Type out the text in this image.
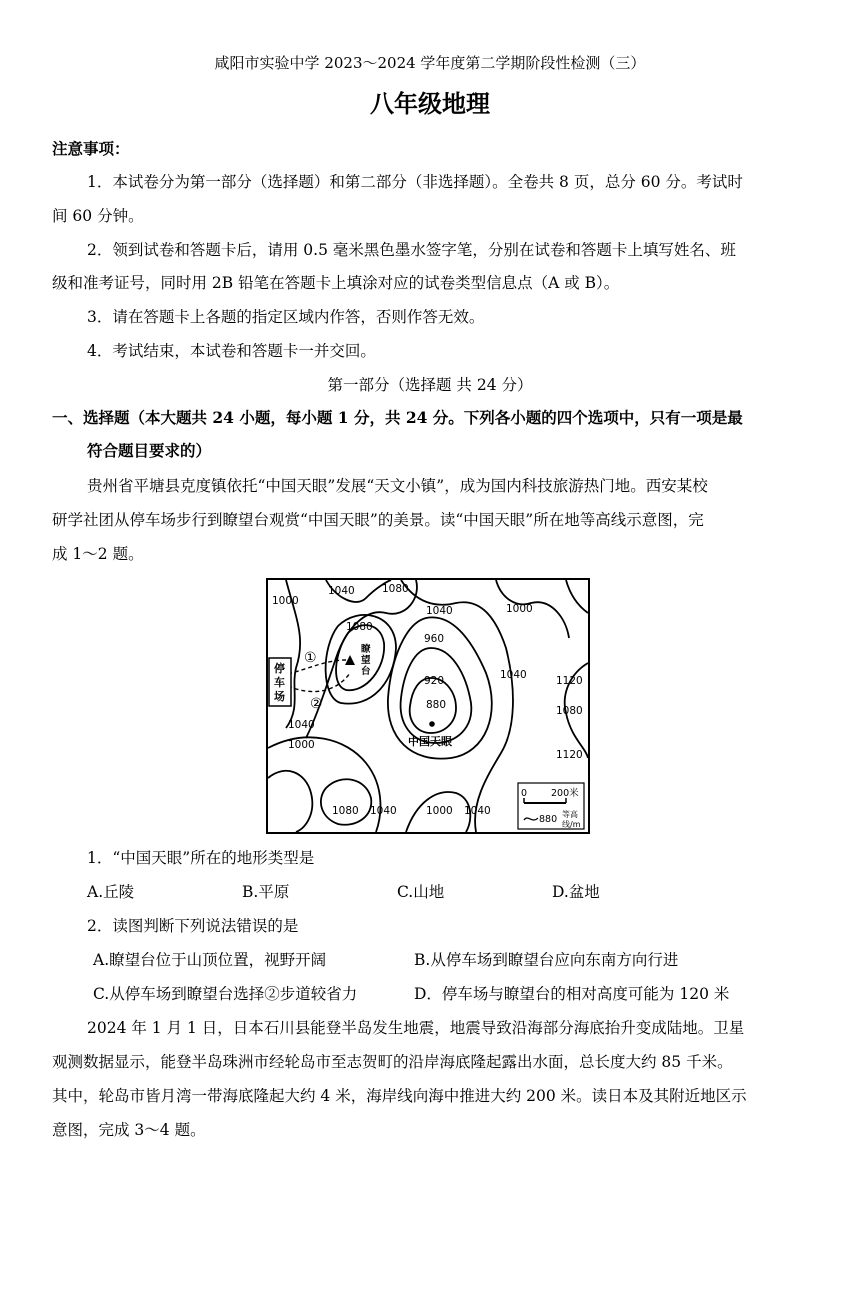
咸阳市实验中学 2023～2024 学年度第二学期阶段性检测（三）
八年级地理
注意事项：
1．本试卷分为第一部分（选择题）和第二部分（非选择题）。全卷共 8 页，总分 60 分。考试时
间 60 分钟。
2．领到试卷和答题卡后，请用 0.5 毫米黑色墨水签字笔，分别在试卷和答题卡上填写姓名、班
级和准考证号，同时用 2B 铅笔在答题卡上填涂对应的试卷类型信息点（A 或 B）。
3．请在答题卡上各题的指定区域内作答，否则作答无效。
4．考试结束，本试卷和答题卡一并交回。
第一部分（选择题 共 24 分）
一、选择题（本大题共 24 小题，每小题 1 分，共 24 分。下列各小题的四个选项中，只有一项是最
符合题目要求的）
贵州省平塘县克度镇依托“中国天眼”发展“天文小镇”，成为国内科技旅游热门地。西安某校
研学社团从停车场步行到瞭望台观赏“中国天眼”的美景。读“中国天眼”所在地等高线示意图，完
成 1～2 题。
1000
1040	1080
1040	1000
1080
960
920
880
1040	1120
1080
1040
1000
1120
1080 1040	1000 1040
停
车
场
①
②
瞭
望
台
中国天眼
0	200米
880 等高
线/m
1．“中国天眼”所在的地形类型是
A.丘陵	B.平原	C.山地	D.盆地
2．读图判断下列说法错误的是
A.瞭望台位于山顶位置，视野开阔	B.从停车场到瞭望台应向东南方向行进
C.从停车场到瞭望台选择②步道较省力	D．停车场与瞭望台的相对高度可能为 120 米
2024 年 1 月 1 日，日本石川县能登半岛发生地震，地震导致沿海部分海底抬升变成陆地。卫星
观测数据显示，能登半岛珠洲市经轮岛市至志贺町的沿岸海底隆起露出水面，总长度大约 85 千米。
其中，轮岛市皆月湾一带海底隆起大约 4 米，海岸线向海中推进大约 200 米。读日本及其附近地区示
意图，完成 3～4 题。
